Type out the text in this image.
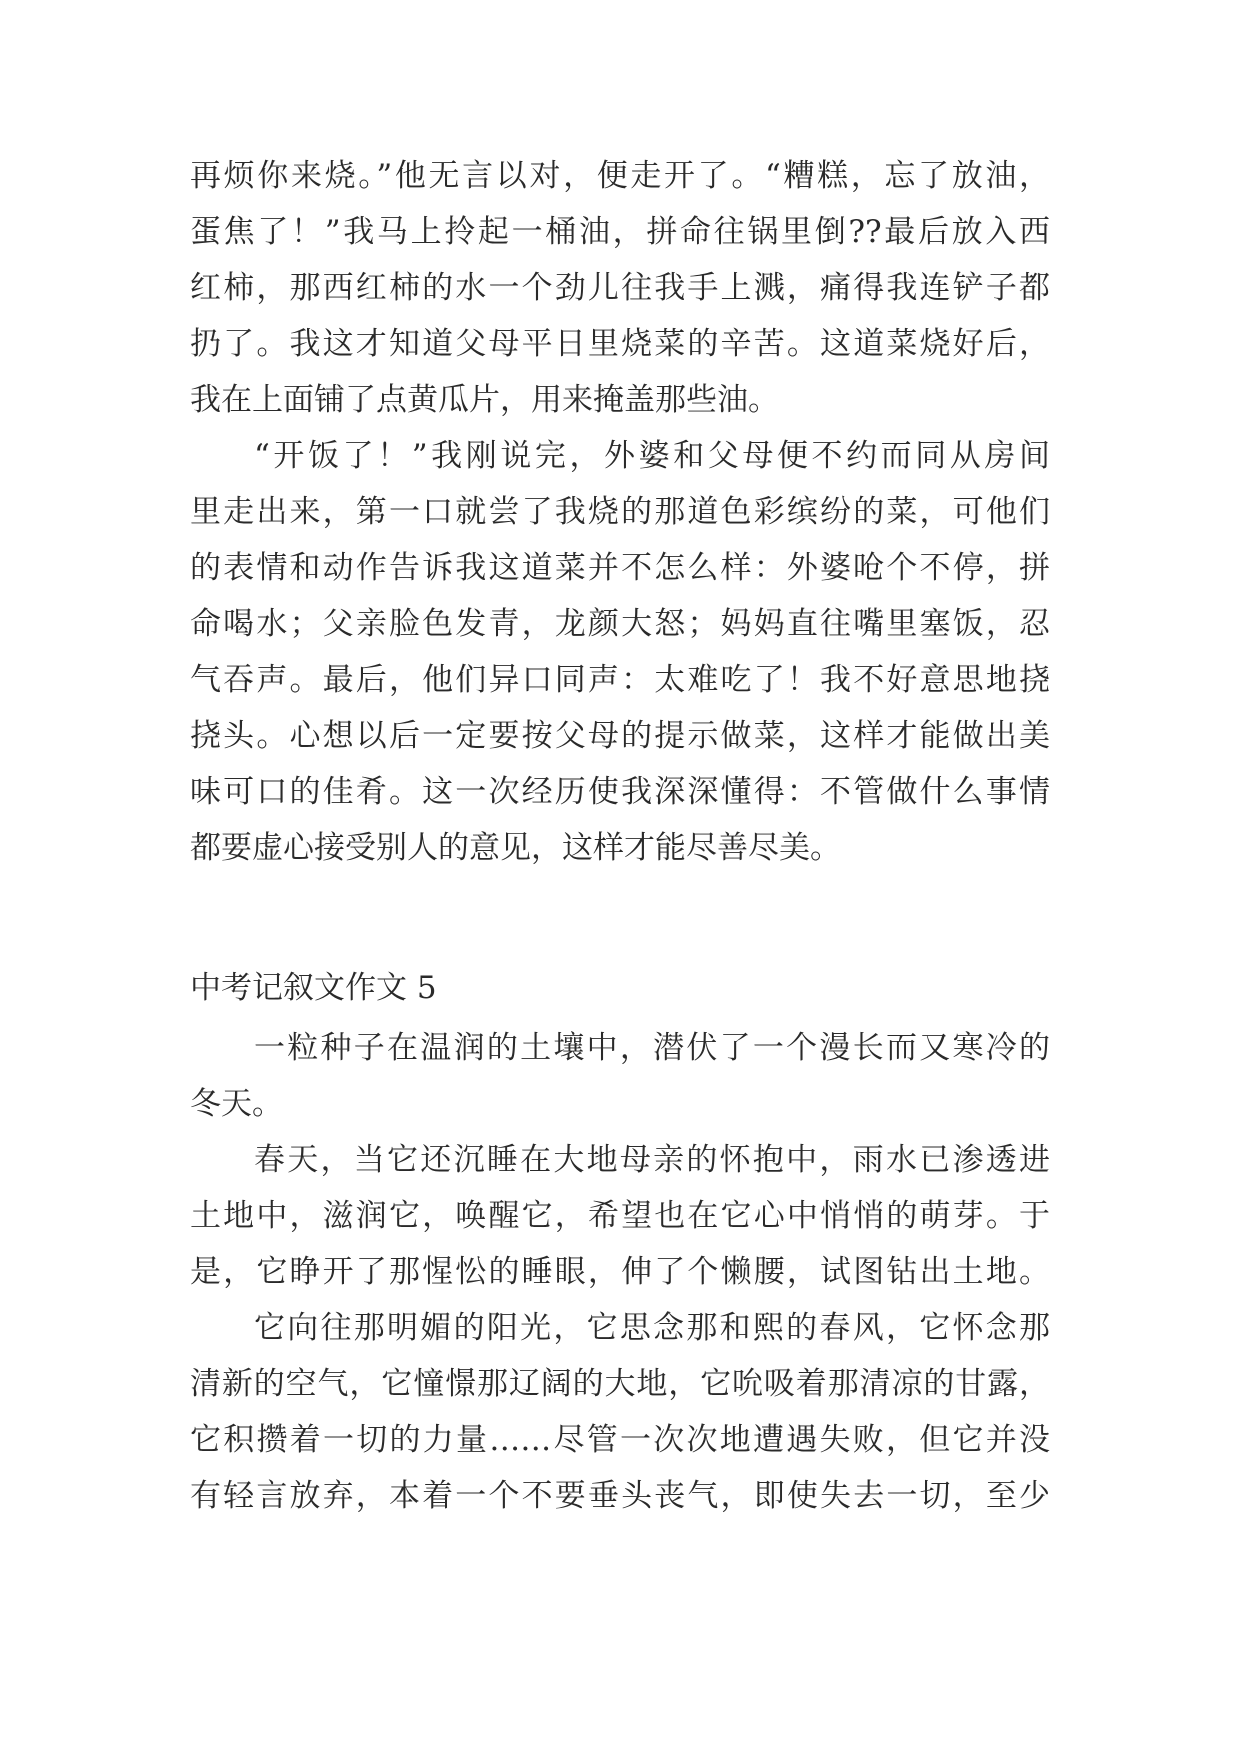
再烦你来烧。”他无言以对，便走开了。“糟糕，忘了放油，
蛋焦了！”我马上拎起一桶油，拼命往锅里倒??最后放入西
红柿，那西红柿的水一个劲儿往我手上溅，痛得我连铲子都
扔了。我这才知道父母平日里烧菜的辛苦。这道菜烧好后，
我在上面铺了点黄瓜片，用来掩盖那些油。
“开饭了！”我刚说完，外婆和父母便不约而同从房间
里走出来，第一口就尝了我烧的那道色彩缤纷的菜，可他们
的表情和动作告诉我这道菜并不怎么样：外婆呛个不停，拼
命喝水；父亲脸色发青，龙颜大怒；妈妈直往嘴里塞饭，忍
气吞声。最后，他们异口同声：太难吃了！我不好意思地挠
挠头。心想以后一定要按父母的提示做菜，这样才能做出美
味可口的佳肴。这一次经历使我深深懂得：不管做什么事情
都要虚心接受别人的意见，这样才能尽善尽美。
中考记叙文作文 5
一粒种子在温润的土壤中，潜伏了一个漫长而又寒冷的
冬天。
春天，当它还沉睡在大地母亲的怀抱中，雨水已渗透进
土地中，滋润它，唤醒它，希望也在它心中悄悄的萌芽。于
是，它睁开了那惺忪的睡眼，伸了个懒腰，试图钻出土地。
它向往那明媚的阳光，它思念那和熙的春风，它怀念那
清新的空气，它憧憬那辽阔的大地，它吮吸着那清凉的甘露，
它积攒着一切的力量……尽管一次次地遭遇失败，但它并没
有轻言放弃，本着一个不要垂头丧气，即使失去一切，至少
